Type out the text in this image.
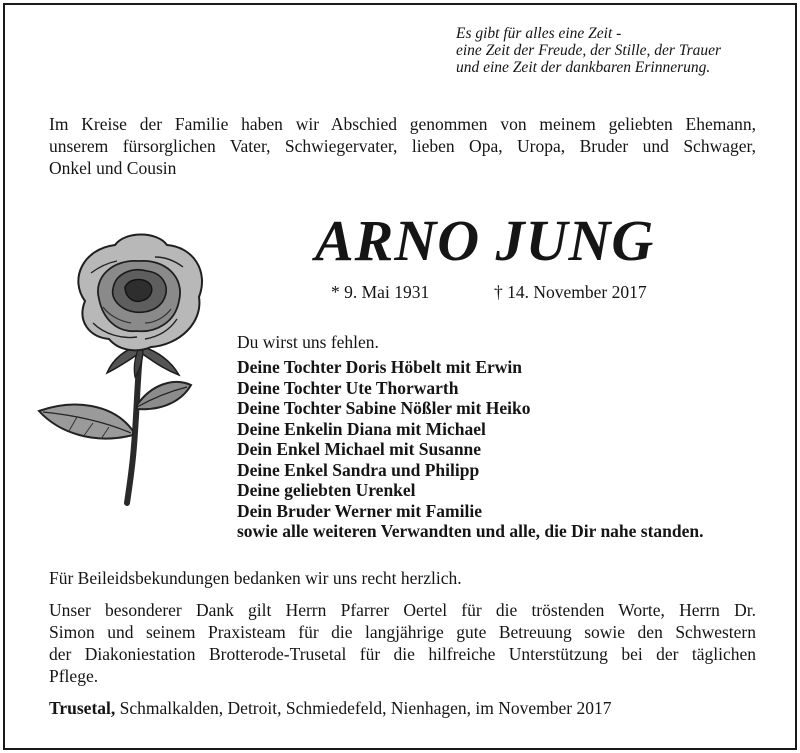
Es gibt für alles eine Zeit -
eine Zeit der Freude, der Stille, der Trauer
und eine Zeit der dankbaren Erinnerung.
Im Kreise der Familie haben wir Abschied genommen von meinem geliebten Ehemann,
unserem fürsorglichen Vater, Schwiegervater, lieben Opa, Uropa, Bruder und Schwager,
Onkel und Cousin
ARNO JUNG
* 9. Mai 1931	† 14. November 2017
Du wirst uns fehlen.
Deine Tochter Doris Höbelt mit Erwin
Deine Tochter Ute Thorwarth
Deine Tochter Sabine Nößler mit Heiko
Deine Enkelin Diana mit Michael
Dein Enkel Michael mit Susanne
Deine Enkel Sandra und Philipp
Deine geliebten Urenkel
Dein Bruder Werner mit Familie
sowie alle weiteren Verwandten und alle, die Dir nahe standen.
Für Beileidsbekundungen bedanken wir uns recht herzlich.
Unser besonderer Dank gilt Herrn Pfarrer Oertel für die tröstenden Worte, Herrn Dr.
Simon und seinem Praxisteam für die langjährige gute Betreuung sowie den Schwestern
der Diakoniestation Brotterode-Trusetal für die hilfreiche Unterstützung bei der täglichen
Pflege.
Trusetal, Schmalkalden, Detroit, Schmiedefeld, Nienhagen, im November 2017
